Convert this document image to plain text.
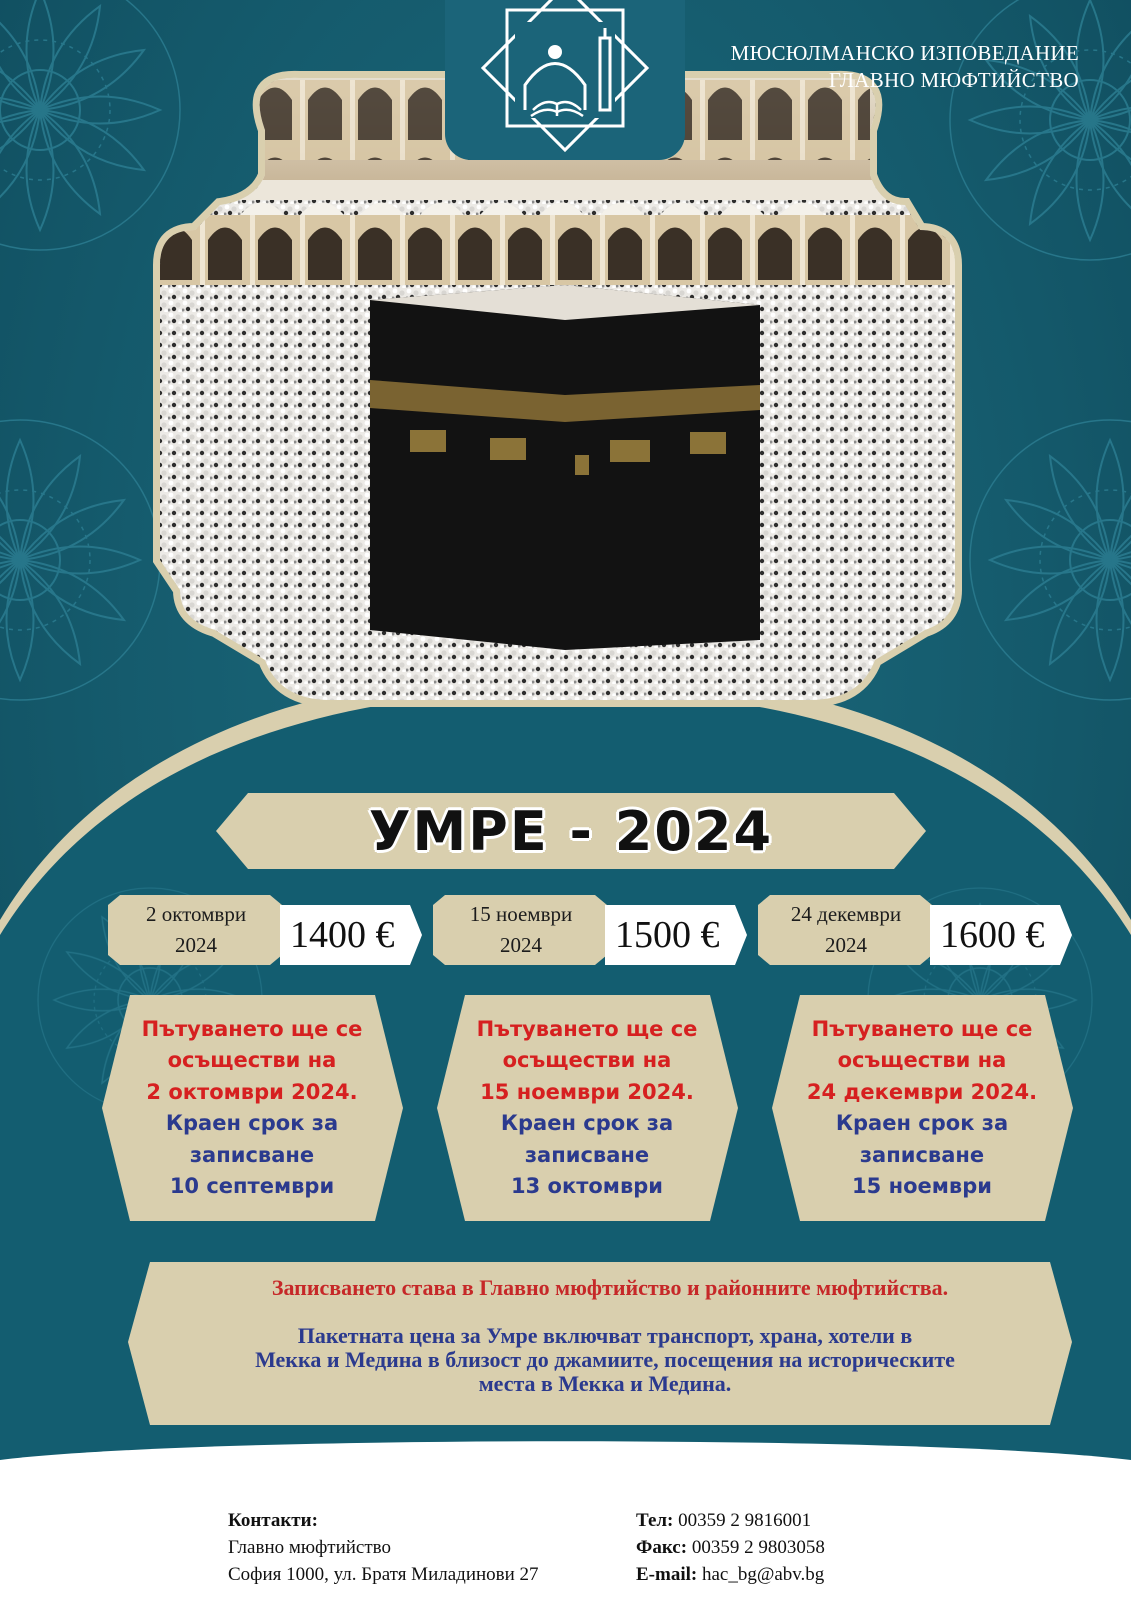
МЮСЮЛМАНСКО ИЗПОВЕДАНИЕ
ГЛАВНО МЮФТИЙСТВО
УМРЕ - 2024
2 октомври
2024 1400 €	15 ноември
2024 1500 €	24 декември
2024 1600 €
Пътуването ще се
осъществи на
2 октомври 2024.
Краен срок за
записване
10 септември
Пътуването ще се
осъществи на
15 ноември 2024.
Краен срок за
записване
13 октомври
Пътуването ще се
осъществи на
24 декември 2024.
Краен срок за
записване
15 ноември
Записването става в Главно мюфтийство и районните мюфтийства.
Пакетната цена за Умре включват транспорт, храна, хотели в
Мекка и Медина в близост до джамиите, посещения на историческите
места в Мекка и Медина.
Контакти:
Главно мюфтийство
София 1000, ул. Братя Миладинови 27
Тел: 00359 2 9816001
Факс: 00359 2 9803058
E-mail: hac_bg@abv.bg
